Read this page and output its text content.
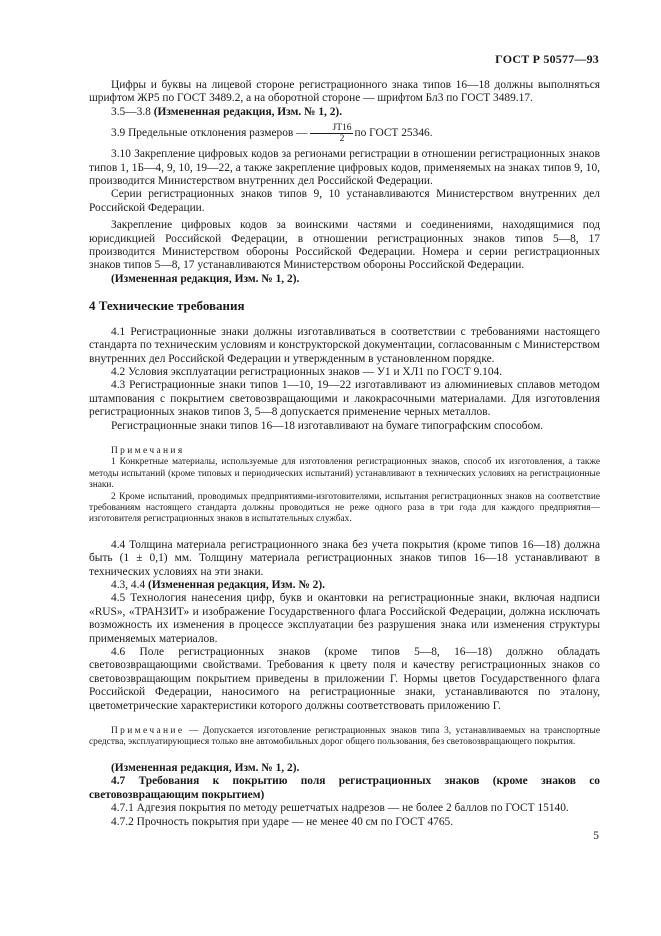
ГОСТ Р 50577—93

Цифры и буквы на лицевой стороне регистрационного знака типов 16—18 должны выполняться шрифтом ЖР5 по ГОСТ 3489.2, а на оборотной стороне — шрифтом Бл3 по ГОСТ 3489.17.

3.5—3.8 (Измененная редакция, Изм. № 1, 2).

3.9 Предельные отклонения размеров — $\frac{JT16}{2}$ по ГОСТ 25346.

3.10 Закрепление цифровых кодов за регионами регистрации в отношении регистрационных знаков типов 1, 1Б—4, 9, 10, 19—22, а также закрепление цифровых кодов, применяемых на знаках типов 9, 10, производится Министерством внутренних дел Российской Федерации.

Серии регистрационных знаков типов 9, 10 устанавливаются Министерством внутренних дел Российской Федерации.

Закрепление цифровых кодов за воинскими частями и соединениями, находящимися под юрисдикцией Российской Федерации, в отношении регистрационных знаков типов 5—8, 17 производится Министерством обороны Российской Федерации. Номера и серии регистрационных знаков типов 5—8, 17 устанавливаются Министерством обороны Российской Федерации.

(Измененная редакция, Изм. № 1, 2).

4 Технические требования

4.1 Регистрационные знаки должны изготавливаться в соответствии с требованиями настоящего стандарта по техническим условиям и конструкторской документации, согласованным с Министерством внутренних дел Российской Федерации и утвержденным в установленном порядке.

4.2 Условия эксплуатации регистрационных знаков — У1 и ХЛ1 по ГОСТ 9.104.

4.3 Регистрационные знаки типов 1—10, 19—22 изготавливают из алюминиевых сплавов методом штампования с покрытием световозвращающими и лакокрасочными материалами. Для изготовления регистрационных знаков типов 3, 5—8 допускается применение черных металлов.

Регистрационные знаки типов 16—18 изготавливают на бумаге типографским способом.

Примечания

1 Конкретные материалы, используемые для изготовления регистрационных знаков, способ их изготовления, а также методы испытаний (кроме типовых и периодических испытаний) устанавливают в технических условиях на регистрационные знаки.

2 Кроме испытаний, проводимых предприятиями-изготовителями, испытания регистрационных знаков на соответствие требованиям настоящего стандарта должны проводиться не реже одного раза в три года для каждого предприятия—изготовителя регистрационных знаков в испытательных службах.

4.4 Толщина материала регистрационного знака без учета покрытия (кроме типов 16—18) должна быть (1 ± 0,1) мм. Толщину материала регистрационных знаков типов 16—18 устанавливают в технических условиях на эти знаки.

4.3, 4.4 (Измененная редакция, Изм. № 2).

4.5 Технология нанесения цифр, букв и окантовки на регистрационные знаки, включая надписи «RUS», «ТРАНЗИТ» и изображение Государственного флага Российской Федерации, должна исключать возможность их изменения в процессе эксплуатации без разрушения знака или изменения структуры применяемых материалов.

4.6 Поле регистрационных знаков (кроме типов 5—8, 16—18) должно обладать световозвращающими свойствами. Требования к цвету поля и качеству регистрационных знаков со световозвращающим покрытием приведены в приложении Г. Нормы цветов Государственного флага Российской Федерации, наносимого на регистрационные знаки, устанавливаются по эталону, цветометрические характеристики которого должны соответствовать приложению Г.

Примечание — Допускается изготовление регистрационных знаков типа 3, устанавливаемых на транспортные средства, эксплуатирующиеся только вне автомобильных дорог общего пользования, без световозвращающего покрытия.

(Измененная редакция, Изм. № 1, 2).

4.7 Требования к покрытию поля регистрационных знаков (кроме знаков со световозвращающим покрытием)

4.7.1 Адгезия покрытия по методу решетчатых надрезов — не более 2 баллов по ГОСТ 15140.

4.7.2 Прочность покрытия при ударе — не менее 40 см по ГОСТ 4765.

5
